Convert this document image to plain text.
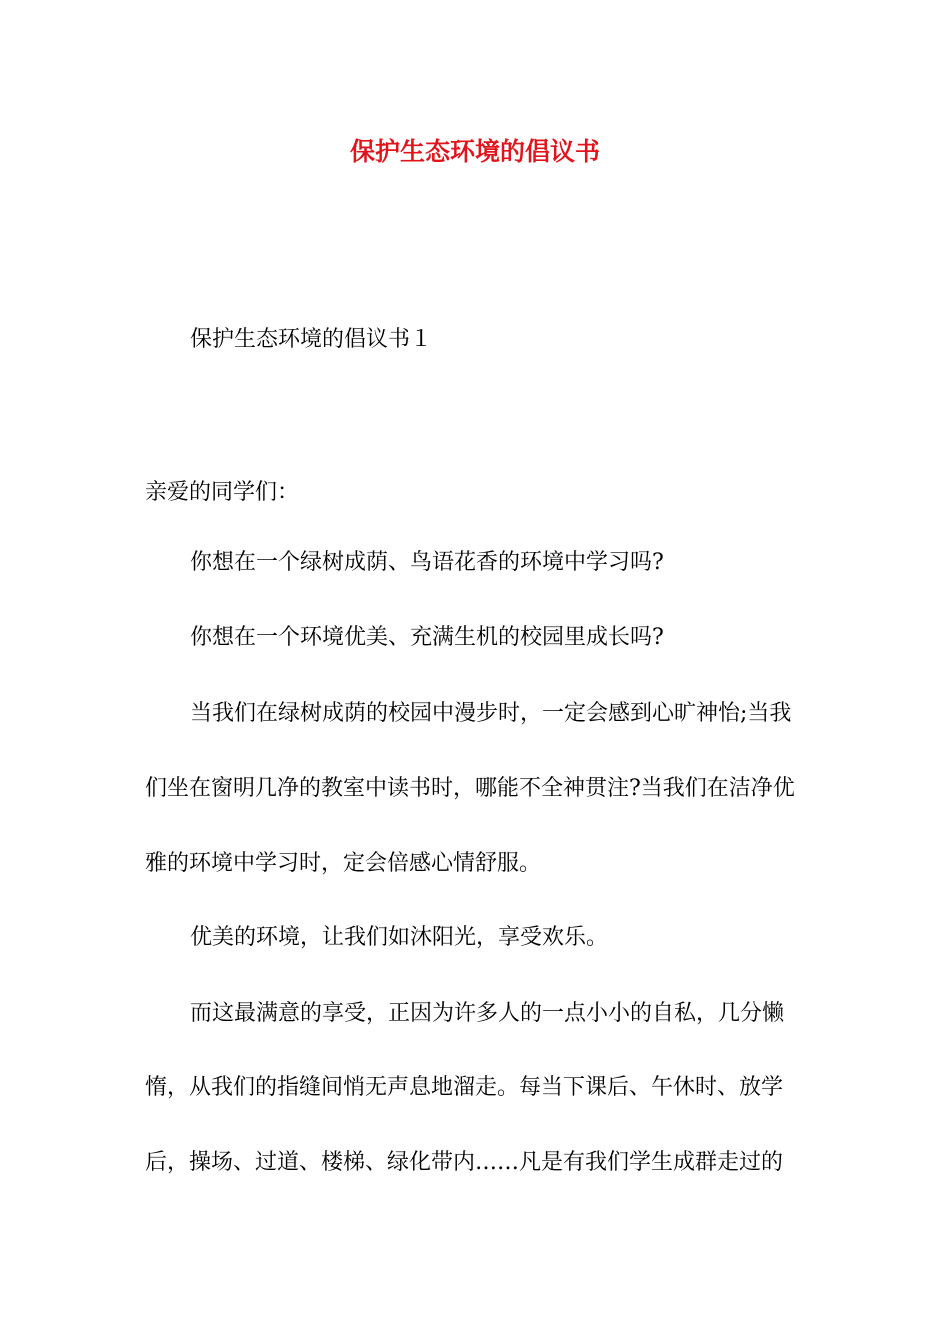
保护生态环境的倡议书
保护生态环境的倡议书１
亲爱的同学们：
你想在一个绿树成荫、鸟语花香的环境中学习吗?
你想在一个环境优美、充满生机的校园里成长吗?
当我们在绿树成荫的校园中漫步时，一定会感到心旷神怡;当我
们坐在窗明几净的教室中读书时，哪能不全神贯注?当我们在洁净优
雅的环境中学习时，定会倍感心情舒服。
优美的环境，让我们如沐阳光，享受欢乐。
而这最满意的享受，正因为许多人的一点小小的自私，几分懒
惰，从我们的指缝间悄无声息地溜走。每当下课后、午休时、放学
后，操场、过道、楼梯、绿化带内……凡是有我们学生成群走过的
